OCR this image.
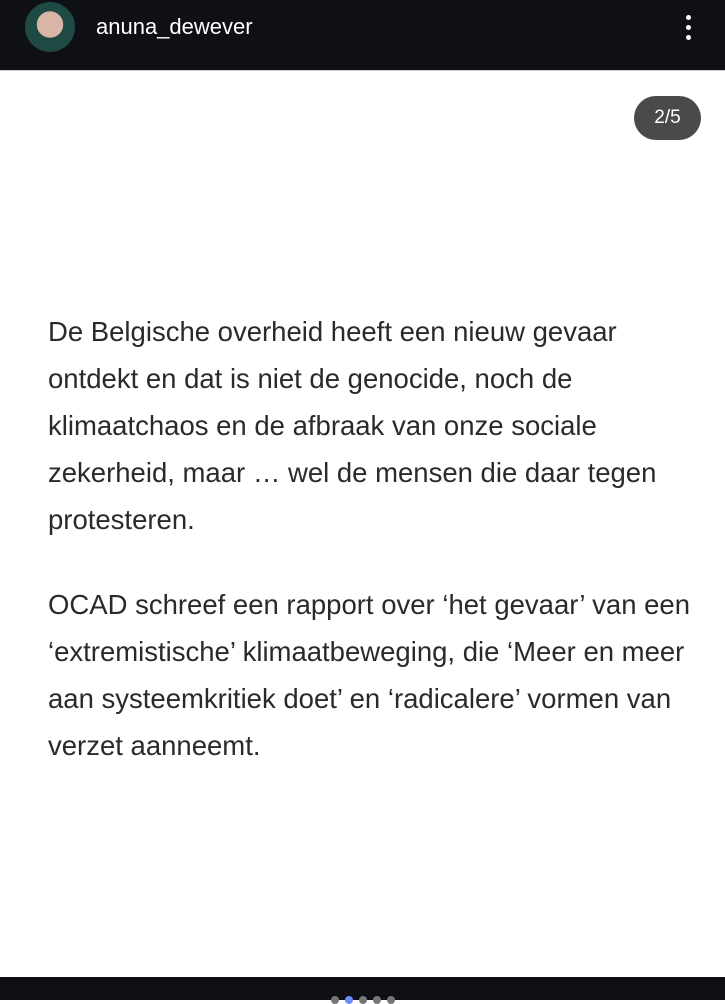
anuna_dewever
2/5
De Belgische overheid heeft een nieuw gevaar ontdekt en dat is niet de genocide, noch de klimaatchaos en de afbraak van onze sociale zekerheid, maar … wel de mensen die daar tegen protesteren.
OCAD schreef een rapport over ‘het gevaar’ van een ‘extremistische’ klimaatbeweging, die ‘Meer en meer aan systeemkritiek doet’ en ‘radicalere’ vormen van verzet aanneemt.
